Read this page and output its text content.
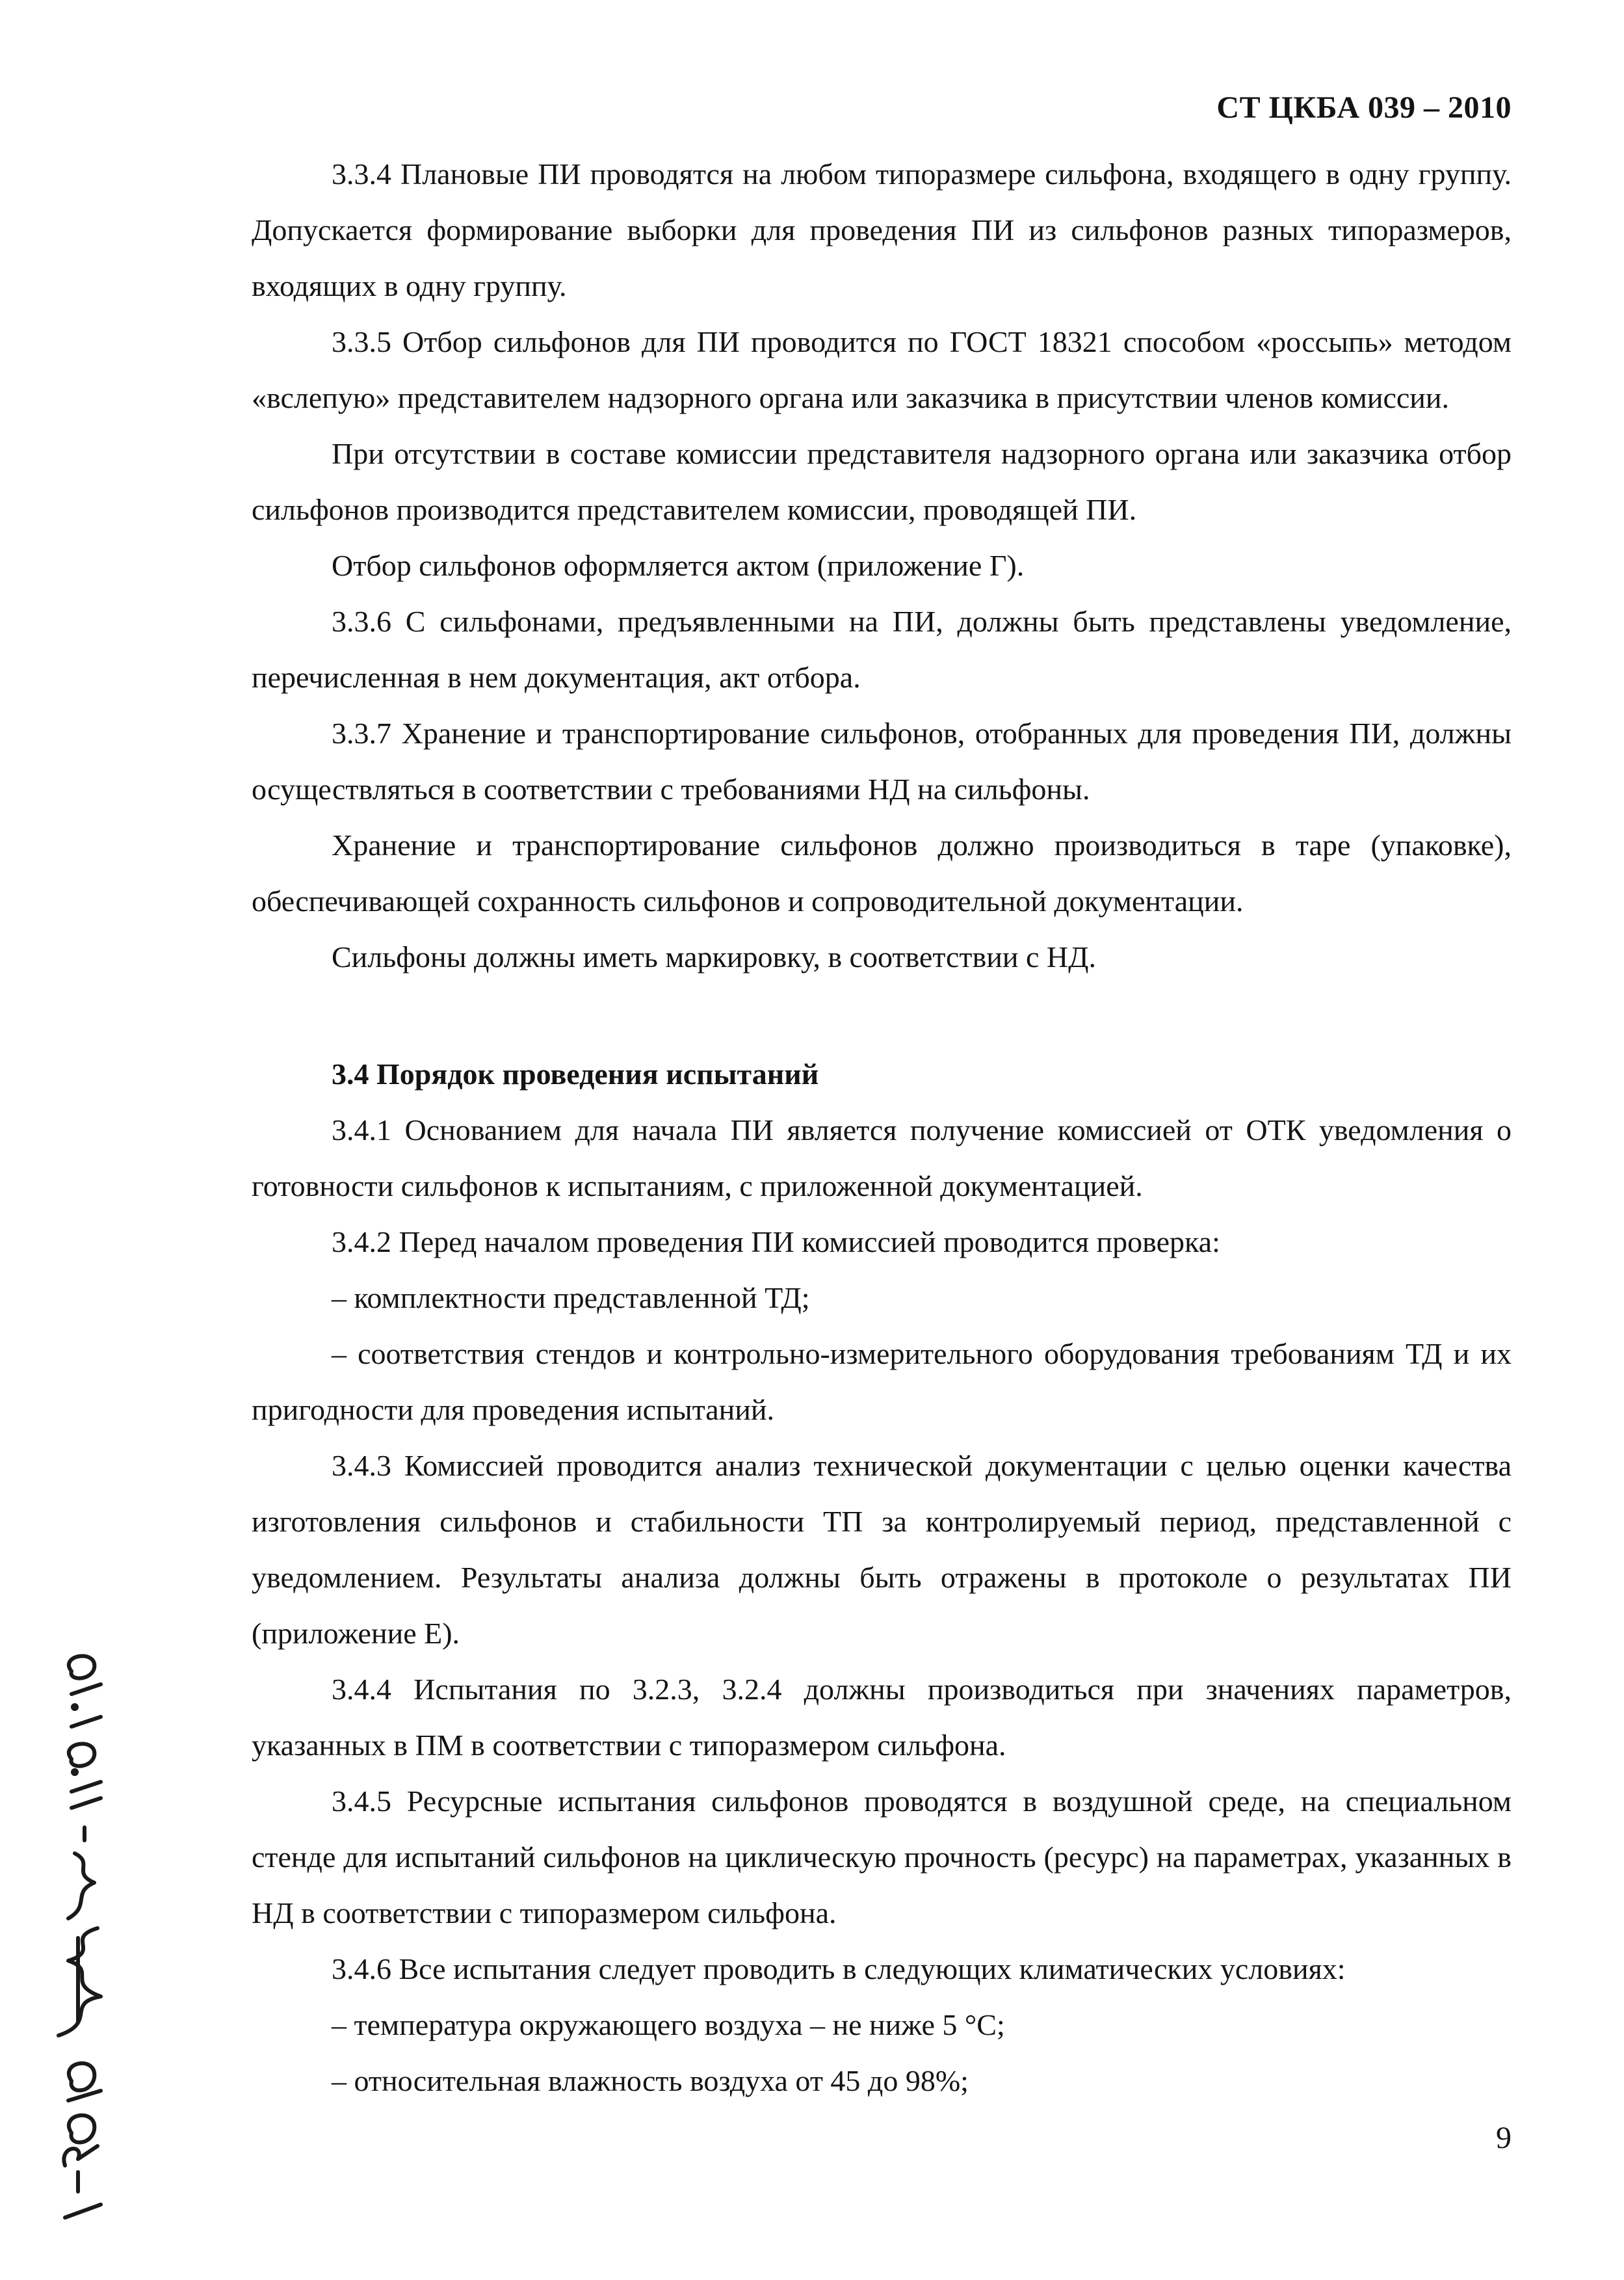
СТ ЦКБА 039 – 2010

3.3.4 Плановые ПИ проводятся на любом типоразмере сильфона, входящего в одну группу. Допускается формирование выборки для проведения ПИ из сильфонов разных типоразмеров, входящих в одну группу.

3.3.5 Отбор сильфонов для ПИ проводится по ГОСТ 18321 способом «россыпь» методом «вслепую» представителем надзорного органа или заказчика в присутствии членов комиссии.

При отсутствии в составе комиссии представителя надзорного органа или заказчика отбор сильфонов производится представителем комиссии, проводящей ПИ.

Отбор сильфонов оформляется актом (приложение Г).

3.3.6 С сильфонами, предъявленными на ПИ, должны быть представлены уведомление, перечисленная в нем документация, акт отбора.

3.3.7 Хранение и транспортирование сильфонов, отобранных для проведения ПИ, должны осуществляться в соответствии с требованиями НД на сильфоны.

Хранение и транспортирование сильфонов должно производиться в таре (упаковке), обеспечивающей сохранность сильфонов и сопроводительной документации.

Сильфоны должны иметь маркировку, в соответствии с НД.

3.4 Порядок проведения испытаний

3.4.1 Основанием для начала ПИ является получение комиссией от ОТК уведомления о готовности сильфонов к испытаниям, с приложенной документацией.

3.4.2 Перед началом проведения ПИ комиссией проводится проверка:

– комплектности представленной ТД;

– соответствия стендов и контрольно-измерительного оборудования требованиям ТД и их пригодности для проведения испытаний.

3.4.3 Комиссией проводится анализ технической документации с целью оценки качества изготовления сильфонов и стабильности ТП за контролируемый период, представленной с уведомлением. Результаты анализа должны быть отражены в протоколе о результатах ПИ (приложение Е).

3.4.4 Испытания по 3.2.3, 3.2.4 должны производиться при значениях параметров, указанных в ПМ в соответствии с типоразмером сильфона.

3.4.5 Ресурсные испытания сильфонов проводятся в воздушной среде, на специальном стенде для испытаний сильфонов на циклическую прочность (ресурс) на параметрах, указанных в НД в соответствии с типоразмером сильфона.

3.4.6 Все испытания следует проводить в следующих климатических условиях:

– температура окружающего воздуха – не ниже 5 °С;

– относительная влажность воздуха от 45 до 98%;

9
